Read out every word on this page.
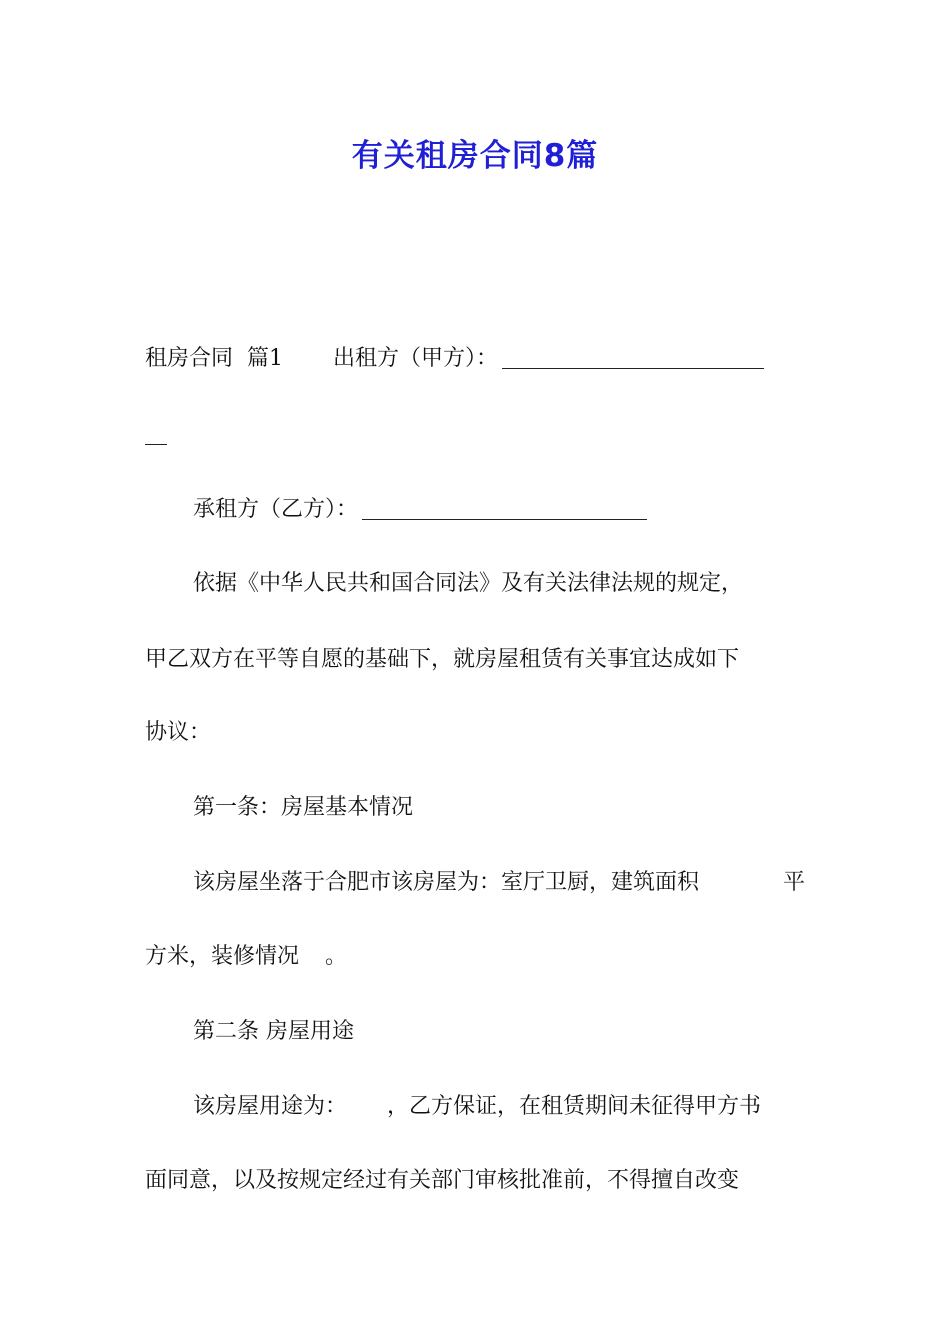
有关租房合同8篇
租房合同 篇1 出租方（甲方）：
承租方（乙方）：
依据《中华人民共和国合同法》及有关法律法规的规定，
甲乙双方在平等自愿的基础下，就房屋租赁有关事宜达成如下
协议：
第一条：房屋基本情况
该房屋坐落于合肥市该房屋为：室厅卫厨，建筑面积	平
方米，装修情况 。
第二条 房屋用途
该房屋用途为： ，乙方保证，在租赁期间未征得甲方书
面同意，以及按规定经过有关部门审核批准前，不得擅自改变
